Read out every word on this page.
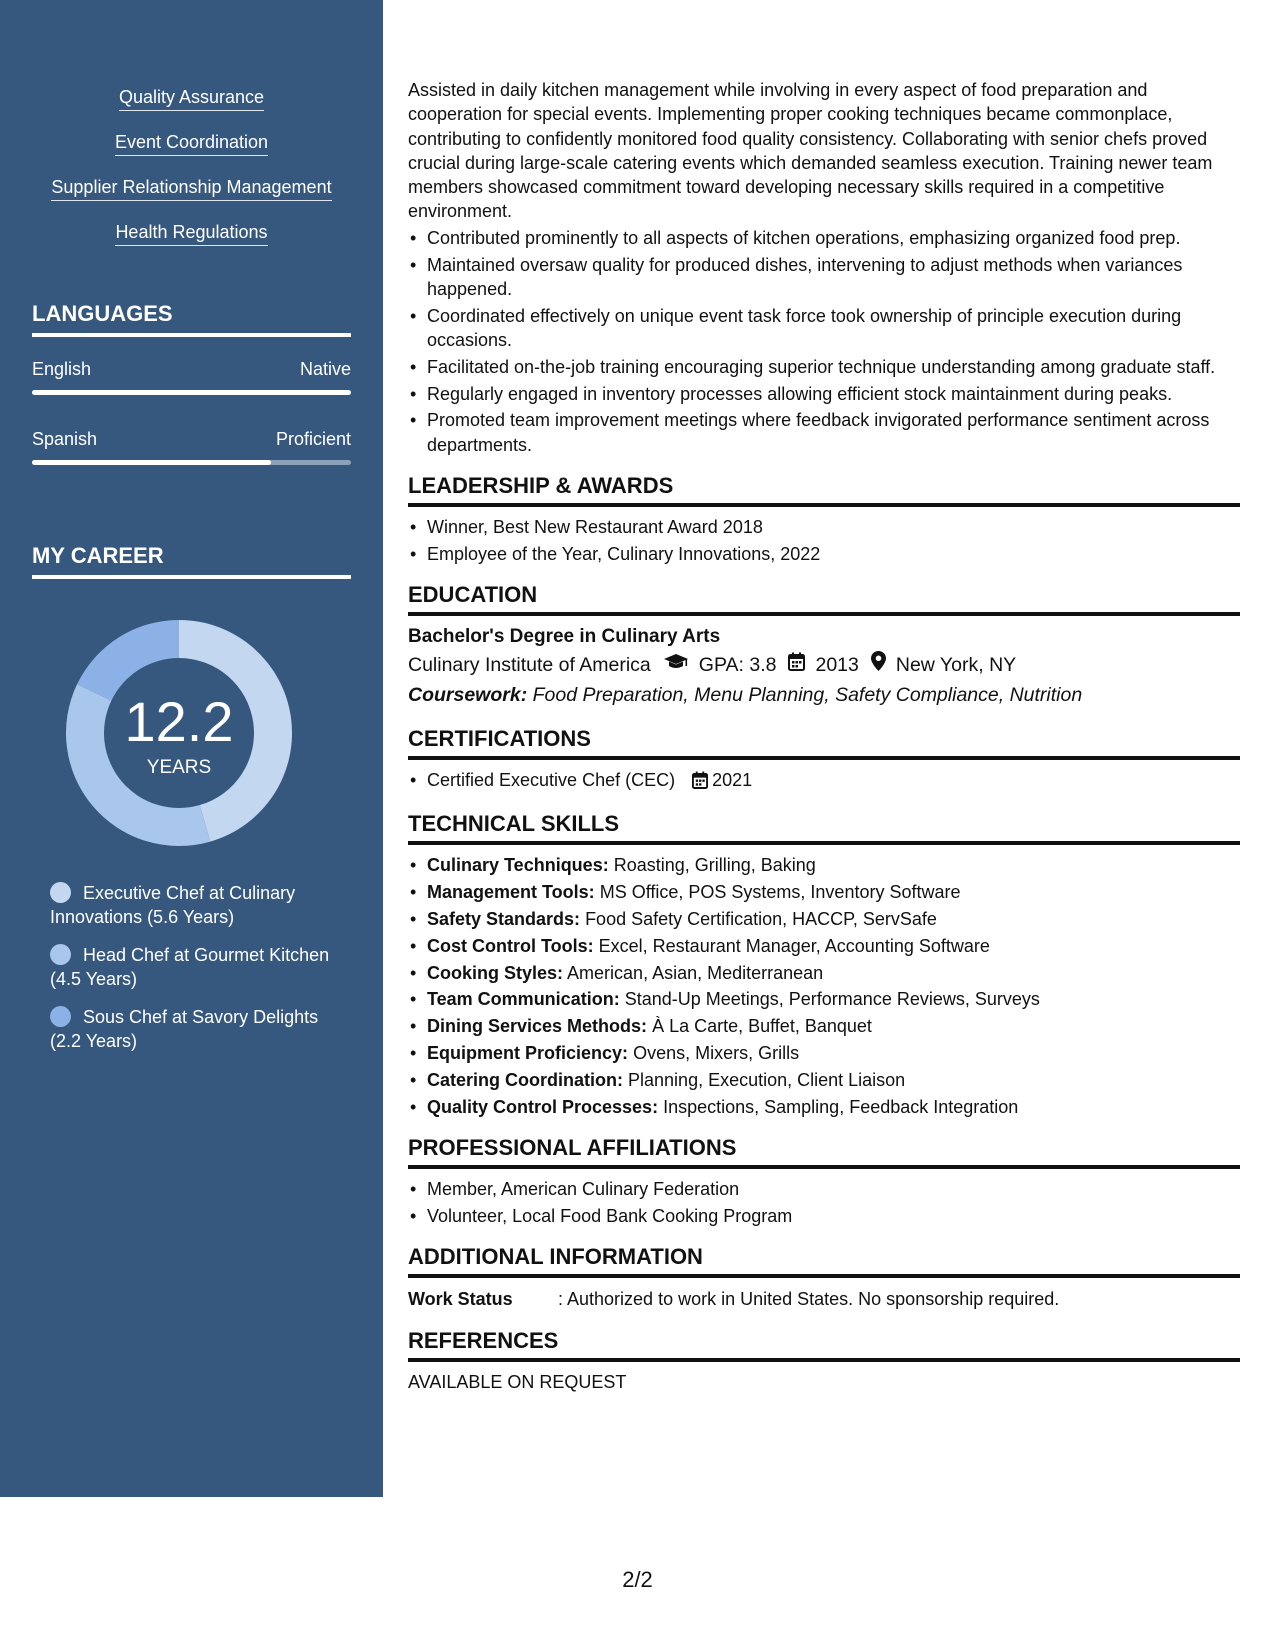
Quality Assurance
Event Coordination
Supplier Relationship Management
Health Regulations
LANGUAGES
English	Native
Spanish	Proficient
MY CAREER
12.2
YEARS
Executive Chef at Culinary Innovations (5.6 Years)
Head Chef at Gourmet Kitchen (4.5 Years)
Sous Chef at Savory Delights (2.2 Years)

Assisted in daily kitchen management while involving in every aspect of food preparation and cooperation for special events. Implementing proper cooking techniques became commonplace, contributing to confidently monitored food quality consistency. Collaborating with senior chefs proved crucial during large-scale catering events which demanded seamless execution. Training newer team members showcased commitment toward developing necessary skills required in a competitive environment.

• Contributed prominently to all aspects of kitchen operations, emphasizing organized food prep.
• Maintained oversaw quality for produced dishes, intervening to adjust methods when variances happened.
• Coordinated effectively on unique event task force took ownership of principle execution during occasions.
• Facilitated on-the-job training encouraging superior technique understanding among graduate staff.
• Regularly engaged in inventory processes allowing efficient stock maintainment during peaks.
• Promoted team improvement meetings where feedback invigorated performance sentiment across departments.
LEADERSHIP & AWARDS
• Winner, Best New Restaurant Award 2018
• Employee of the Year, Culinary Innovations, 2022
EDUCATION
Bachelor's Degree in Culinary Arts
Culinary Institute of America GPA: 3.8 2013 New York, NY
Coursework: Food Preparation, Menu Planning, Safety Compliance, Nutrition
CERTIFICATIONS
• Certified Executive Chef (CEC) 2021
TECHNICAL SKILLS
• Culinary Techniques: Roasting, Grilling, Baking
• Management Tools: MS Office, POS Systems, Inventory Software
• Safety Standards: Food Safety Certification, HACCP, ServSafe
• Cost Control Tools: Excel, Restaurant Manager, Accounting Software
• Cooking Styles: American, Asian, Mediterranean
• Team Communication: Stand-Up Meetings, Performance Reviews, Surveys
• Dining Services Methods: À La Carte, Buffet, Banquet
• Equipment Proficiency: Ovens, Mixers, Grills
• Catering Coordination: Planning, Execution, Client Liaison
• Quality Control Processes: Inspections, Sampling, Feedback Integration
PROFESSIONAL AFFILIATIONS
• Member, American Culinary Federation
• Volunteer, Local Food Bank Cooking Program
ADDITIONAL INFORMATION
Work Status	: Authorized to work in United States. No sponsorship required.
REFERENCES
AVAILABLE ON REQUEST
2/2
